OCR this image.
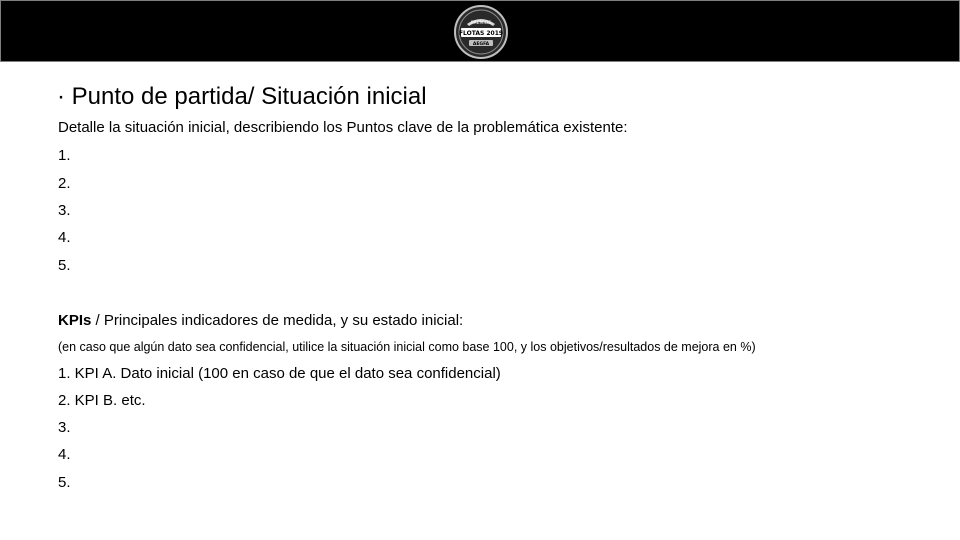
PREMIOS
FLOTAS 2019
AEGFA
· Punto de partida/ Situación inicial
Detalle la situación inicial, describiendo los Puntos clave de la problemática existente:
1.
2.
3.
4.
5.
KPIs / Principales indicadores de medida, y su estado inicial:
(en caso que algún dato sea confidencial, utilice la situación inicial como base 100, y los objetivos/resultados de mejora en %)
1. KPI A. Dato inicial (100 en caso de que el dato sea confidencial)
2. KPI B. etc.
3.
4.
5.
